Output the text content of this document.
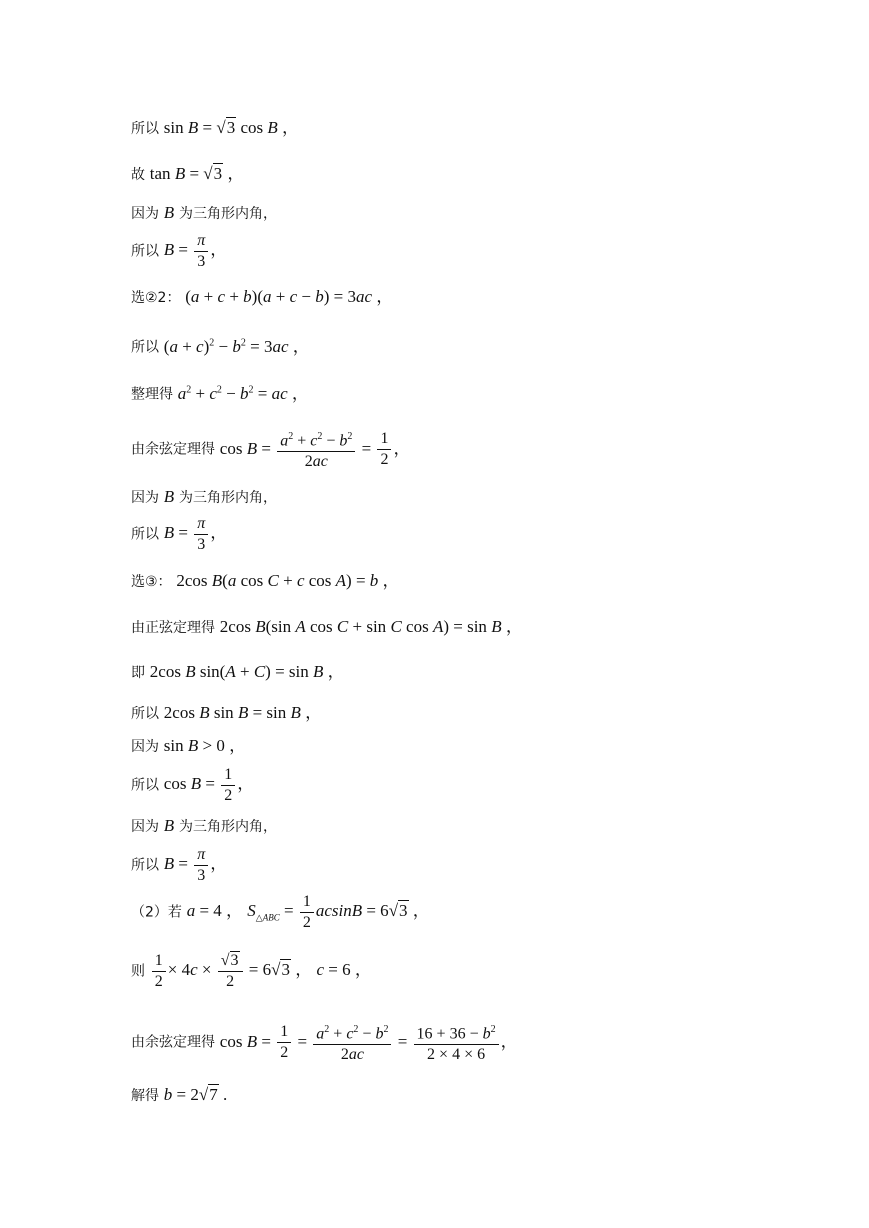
所以 sin B = √3 cos B ，
故 tan B = √3 ，
因为 B 为三角形内角，
所以 $B = \frac{\pi}{3}$ ，
选②2： (a + c + b)(a + c − b) = 3ac ，
所以 $(a + c)^2 - b^2 = 3ac$ ，
整理得 $a^2 + c^2 - b^2$ = ac ，
由余弦定理得 $\cos B = \frac{a^2 + c^2 - b^2}{2ac} = \frac{1}{2}$ ，
因为 B 为三角形内角，
所以 $B = \frac{\pi}{3}$ ，
选③： 2cos B(a cos C + c cos A) = b ，
由正弦定理得 2cos B(sin A cos C + sin C cos A) = sin B ，
即 2cos B sin(A + C) = sin B ，
所以 2cos B sin B = sin B ，
因为 sin B > 0 ，
所以 $\cos B = \frac{1}{2}$ ，
因为 B 为三角形内角，
所以 $B = \frac{\pi}{3}$ ，
（2）若 a = 4 ， $S_{\triangle ABC} = \frac{1}{2}$ acsinB = 6√3 ，
则 $\frac{1}{2} \times 4c \times \frac{√3}{2} = 6√3$ ， c = 6 ，
由余弦定理得 $\cos B = \frac{1}{2} = \frac{a^2 + c^2 - b^2}{2ac} = \frac{16 + 36 - b^2}{2 \times 4 \times 6}$ ，
解得 b = 2√7 .
